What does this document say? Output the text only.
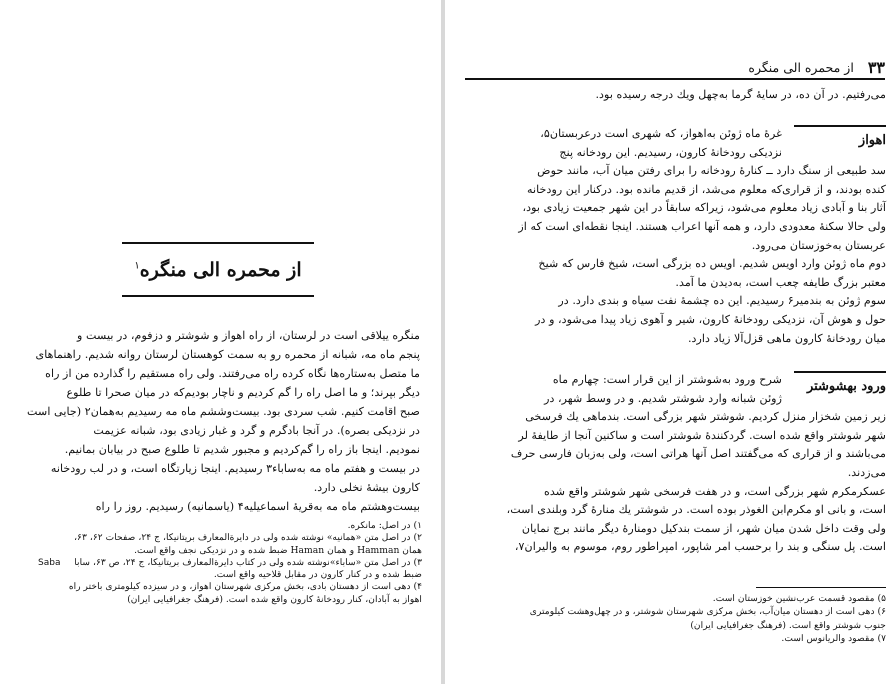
از محمره الی منگره$^۱$

منگره ییلاقی است در لرستان، از راه اهواز و شوشتر و دزفوم، در بیست و

پنجم ماه مه، شبانه از محمره رو به سمت کوهستان لرستان روانه شدیم. راهنماهای

ما متصل به‌ستاره‌ها نگاه کرده راه می‌رفتند. ولی راه مستقیم را گذارده من از راه

دیگر بپرند؛ و ما اصل راه را گم کردیم و ناچار بودیم‌که در میان صحرا تا طلوع

صبح اقامت کنیم. شب سردی بود. بیست‌وششم ماه مه رسیدیم به‌همان۲ (جایی است

در نزدیکی بصره). در آنجا بادگرم و گرد و غبار زیادی بود، شبانه عزیمت

نمودیم. اینجا باز راه را گم‌کردیم و مجبور شدیم تا طلوع صبح در بیابان بمانیم.

در بیست و هفتم ماه مه به‌ساباء۳ رسیدیم. اینجا زیارتگاه است، و در لب رودخانه

کارون بیشهٔ نخلی دارد.

بیست‌وهشتم ماه مه به‌قریهٔ اسماعیلیه۴ (یاسمانیه) رسیدیم. روز را راه

۱) در اصل: مانکره.
۲) در اصل متن «همانیه» نوشته شده ولی در دایرةالمعارف بریتانیکا، ج ۲۴، صفحات ۶۲، ۶۳،
همان Hamman و همان Haman ضبط شده و در نزدیکی نجف واقع است.
Saba ۳) در اصل متن «ساباء»نوشته شده ولی در کتاب دایرةالمعارف بریتانیکا، ج ۲۴، ص ۶۳، سابا
ضبط شده و در کنار کارون در مقابل قلاحیه واقع است.
۴) دهی است از دهستان بادی، بخش مرکزی شهرستان اهواز، و در سیزده کیلومتری باختر راه
اهواز به آبادان، کنار رودخانهٔ کارون واقع شده است. (فرهنگ جغرافیایی ایران)
۳۳
از محمره الی منگره

می‌رفتیم. در آن ده، در سایهٔ گرما به‌چهل ویك درجه رسیده بود.

اهواز

غرهٔ ماه ژوئن به‌اهواز، که شهری است درعربستان۵،

نزدیکی رودخانهٔ کارون، رسیدیم. این رودخانه پنج

سد طبیعی از سنگ دارد ــ کنارهٔ رودخانه را برای رفتن میان آب، مانند حوض

کنده بودند، و از قراری‌که معلوم می‌شد، از قدیم مانده بود. درکنار این رودخانه

آثار بنا و آبادی زیاد معلوم می‌شود، زیراکه سابقاً در این شهر جمعیت زیادی بود،

ولی حالا سکنهٔ معدودی دارد، و همه آنها اعراب هستند. اینجا نقطه‌ای است که از

عربستان به‌خوزستان می‌رود.

دوم ماه ژوئن وارد اویس شدیم. اویس ده بزرگی است، شیخ فارس که شیخ

معتبر بزرگ طایفه چعب است، به‌دیدن ما آمد.

سوم ژوئن به بندمیر۶ رسیدیم. این ده چشمهٔ نفت سیاه و بندی دارد. در

حول و هوش آن، نزدیکی رودخانهٔ کارون، شیر و آهوی زیاد پیدا می‌شود، و در

میان رودخانهٔ کارون ماهی قزل‌آلا زیاد دارد.

ورود بهشوشتر

شرح ورود به‌شوشتر از این قرار است: چهارم ماه

ژوئن شبانه وارد شوشتر شدیم. و در وسط شهر، در

زیر زمین شخزار منزل کردیم. شوشتر شهر بزرگی است. بندماهی یك فرسخی

شهر شوشتر واقع شده است. گردکنندهٔ شوشتر است و ساکنین آنجا از طایفهٔ لر

می‌باشند و از قراری که می‌گفتند اصل آنها هراتی است، ولی به‌زبان فارسی حرف

می‌زدند.

عسکرمکرم شهر بزرگی است، و در هفت فرسخی شهر شوشتر واقع شده

است، و بانی او مکرم‌ابن الغوذر بوده است. در شوشتر یك منارهٔ گرد وبلندی است،

ولی وقت داخل شدن میان شهر، از سمت بندکیل دومنارهٔ دیگر مانند برج نمایان

است. پل سنگی و بند را برحسب امر شاپور، امپراطور روم، موسوم به والیران۷،

۵) مقصود قسمت عرب‌نشین خوزستان است.

۶) دهی است از دهستان میان‌آب، بخش مرکزی شهرستان شوشتر، و در چهل‌وهشت کیلومتری

جنوب شوشتر واقع است. (فرهنگ جغرافیایی ایران)

۷) مقصود والریانوس است.
